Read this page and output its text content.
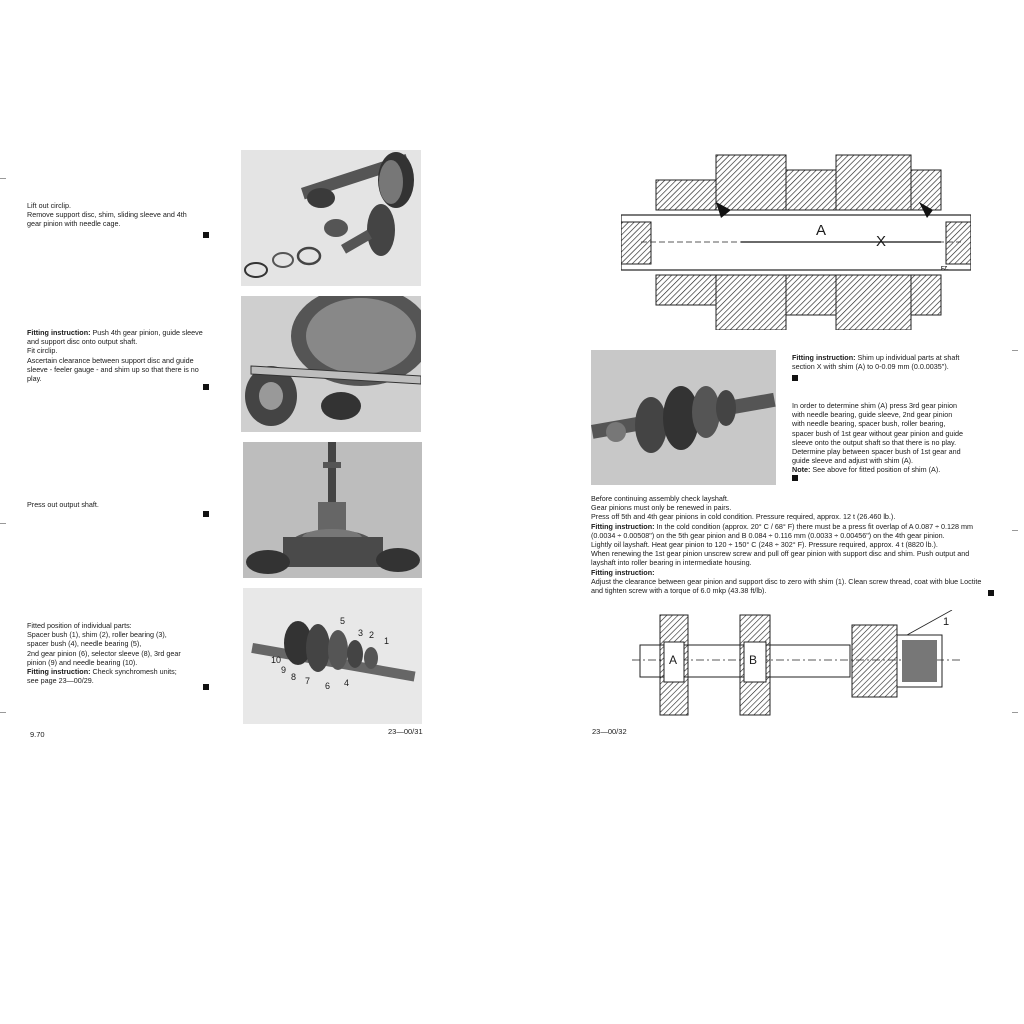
Lift out circlip.
Remove support disc, shim, sliding sleeve and 4th
gear pinion with needle cage.
Fitting instruction: Push 4th gear pinion, guide sleeve
and support disc onto output shaft.
Fit circlip.
Ascertain clearance between support disc and guide
sleeve - feeler gauge - and shim up so that there is no
play.
Press out output shaft.
Fitted position of individual parts:
Spacer bush (1), shim (2), roller bearing (3),
spacer bush (4), needle bearing (5),
2nd gear pinion (6), selector sleeve (8), 3rd gear
pinion (9) and needle bearing (10).
Fitting instruction: Check synchromesh units;
see page 23—00/29.
5
3 2
1
10
9
8 7 6 4
9.70	23—00/31
A
X
FZ.
Fitting instruction: Shim up individual parts at shaft
section X with shim (A) to 0-0.09 mm (0.0.0035").
In order to determine shim (A) press 3rd gear pinion
with needle bearing, guide sleeve, 2nd gear pinion
with needle bearing, spacer bush, roller bearing,
spacer bush of 1st gear without gear pinion and guide
sleeve onto the output shaft so that there is no play.
Determine play between spacer bush of 1st gear and
guide sleeve and adjust with shim (A).
Note: See above for fitted position of shim (A).
Before continuing assembly check layshaft.
Gear pinions must only be renewed in pairs.
Press off 5th and 4th gear pinions in cold condition. Pressure required, approx. 12 t (26.460 lb.).
Fitting instruction: In the cold condition (approx. 20° C / 68° F) there must be a press fit overlap of A 0.087 ÷ 0.128 mm
(0.0034 ÷ 0.00508") on the 5th gear pinion and B 0.084 ÷ 0.116 mm (0.0033 ÷ 0.00456") on the 4th gear pinion.
Lightly oil layshaft. Heat gear pinion to 120 ÷ 150° C (248 ÷ 302° F). Pressure required, approx. 4 t (8820 lb.).
When renewing the 1st gear pinion unscrew screw and pull off gear pinion with support disc and shim. Push output and
layshaft into roller bearing in intermediate housing.
Fitting instruction:
Adjust the clearance between gear pinion and support disc to zero with shim (1). Clean screw thread, coat with blue Loctite
and tighten screw with a torque of 6.0 mkp (43.38 ft/lb).
A	B
1
23—00/32
